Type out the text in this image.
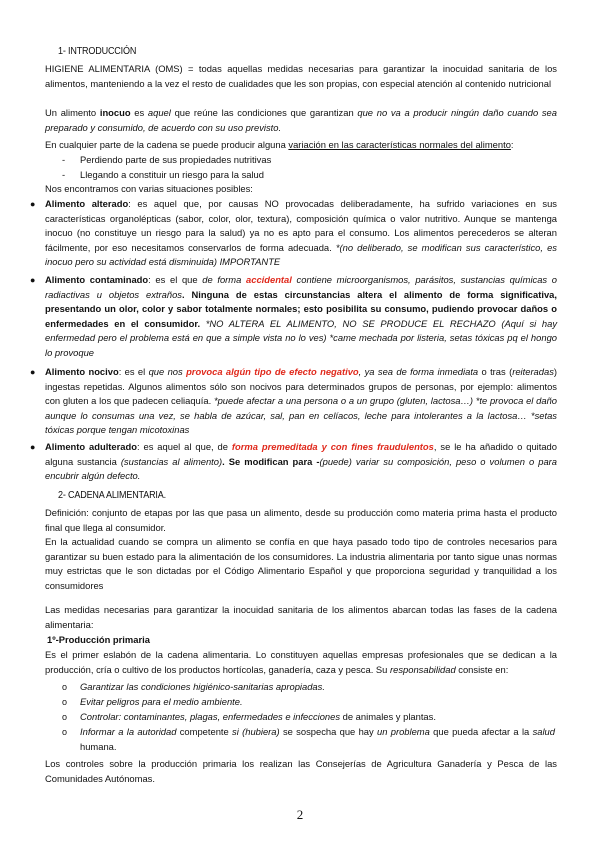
1- INTRODUCCIÓN
HIGIENE ALIMENTARIA (OMS) = todas aquellas medidas necesarias para garantizar la inocuidad sanitaria de los alimentos, manteniendo a la vez el resto de cualidades que les son propias, con especial atención al contenido nutricional
Un alimento inocuo es aquel que reúne las condiciones que garantizan que no va a producir ningún daño cuando sea preparado y consumido, de acuerdo con su uso previsto.
En cualquier parte de la cadena se puede producir alguna variación en las características normales del alimento:
- Perdiendo parte de sus propiedades nutritivas
- Llegando a constituir un riesgo para la salud
Nos encontramos con varias situaciones posibles:
● Alimento alterado: es aquel que, por causas NO provocadas deliberadamente, ha sufrido variaciones en sus características organolépticas (sabor, color, olor, textura), composición química o valor nutritivo. Aunque se mantenga inocuo (no constituye un riesgo para la salud) ya no es apto para el consumo. Los alimentos perecederos se alteran fácilmente, por eso necesitamos conservarlos de forma adecuada. *(no deliberado, se modifican sus característico, es inocuo pero su actividad está disminuida) IMPORTANTE
● Alimento contaminado: es el que de forma accidental contiene microorganismos, parásitos, sustancias químicas o radiactivas u objetos extraños. Ninguna de estas circunstancias altera el alimento de forma significativa, presentando un olor, color y sabor totalmente normales; esto posibilita su consumo, pudiendo provocar daños o enfermedades en el consumidor. *NO ALTERA EL ALIMENTO, NO SE PRODUCE EL RECHAZO (Aquí si hay enfermedad pero el problema está en que a simple vista no lo ves) *came mechada por listeria, setas tóxicas pq el hongo lo provoque
● Alimento nocivo: es el que nos provoca algún tipo de efecto negativo, ya sea de forma inmediata o tras (reiteradas) ingestas repetidas. Algunos alimentos sólo son nocivos para determinados grupos de personas, por ejemplo: alimentos con gluten a los que padecen celiaquía. *puede afectar a una persona o a un grupo (gluten, lactosa…) *te provoca el daño aunque lo consumas una vez, se habla de azúcar, sal, pan en celíacos, leche para intolerantes a la lactosa… *setas tóxicas porque tengan micotoxinas
● Alimento adulterado: es aquel al que, de forma premeditada y con fines fraudulentos, se le ha añadido o quitado alguna sustancia (sustancias al alimento). Se modifican para -(puede) variar su composición, peso o volumen o para encubrir algún defecto.
2- CADENA ALIMENTARIA.
Definición: conjunto de etapas por las que pasa un alimento, desde su producción como materia prima hasta el producto final que llega al consumidor.
En la actualidad cuando se compra un alimento se confía en que haya pasado todo tipo de controles necesarios para garantizar su buen estado para la alimentación de los consumidores. La industria alimentaria por tanto sigue unas normas muy estrictas que le son dictadas por el Código Alimentario Español y que proporciona seguridad y tranquilidad a los consumidores
Las medidas necesarias para garantizar la inocuidad sanitaria de los alimentos abarcan todas las fases de la cadena alimentaria:
1º-Producción primaria
Es el primer eslabón de la cadena alimentaria. Lo constituyen aquellas empresas profesionales que se dedican a la producción, cría o cultivo de los productos hortícolas, ganadería, caza y pesca. Su responsabilidad consiste en:
o Garantizar las condiciones higiénico-sanitarias apropiadas.
o Evitar peligros para el medio ambiente.
o Controlar: contaminantes, plagas, enfermedades e infecciones de animales y plantas.
o Informar a la autoridad competente si (hubiera) se sospecha que hay un problema que pueda afectar a la salud humana.
Los controles sobre la producción primaria los realizan las Consejerías de Agricultura Ganadería y Pesca de las Comunidades Autónomas.
2
